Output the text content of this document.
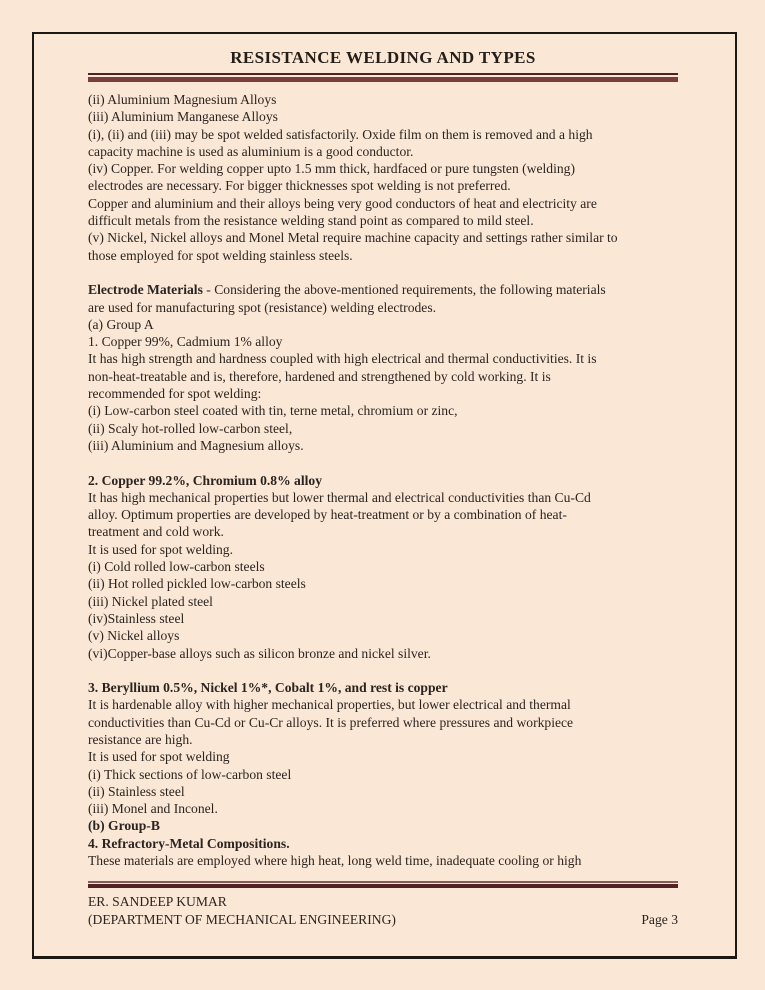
RESISTANCE WELDING AND TYPES
(ii) Aluminium Magnesium Alloys
(iii) Aluminium Manganese Alloys
(i), (ii) and (iii) may be spot welded satisfactorily. Oxide film on them is removed and a high
capacity machine is used as aluminium is a good conductor.
(iv) Copper. For welding copper upto 1.5 mm thick, hardfaced or pure tungsten (welding)
electrodes are necessary. For bigger thicknesses spot welding is not preferred.
Copper and aluminium and their alloys being very good conductors of heat and electricity are
difficult metals from the resistance welding stand point as compared to mild steel.
(v) Nickel, Nickel alloys and Monel Metal require machine capacity and settings rather similar to
those employed for spot welding stainless steels.
Electrode Materials - Considering the above-mentioned requirements, the following materials
are used for manufacturing spot (resistance) welding electrodes.
(a) Group A
1. Copper 99%, Cadmium 1% alloy
It has high strength and hardness coupled with high electrical and thermal conductivities. It is
non-heat-treatable and is, therefore, hardened and strengthened by cold working. It is
recommended for spot welding:
(i) Low-carbon steel coated with tin, terne metal, chromium or zinc,
(ii) Scaly hot-rolled low-carbon steel,
(iii) Aluminium and Magnesium alloys.
2. Copper 99.2%, Chromium 0.8% alloy
It has high mechanical properties but lower thermal and electrical conductivities than Cu-Cd
alloy. Optimum properties are developed by heat-treatment or by a combination of heat-
treatment and cold work.
It is used for spot welding.
(i) Cold rolled low-carbon steels
(ii) Hot rolled pickled low-carbon steels
(iii) Nickel plated steel
(iv)Stainless steel
(v) Nickel alloys
(vi)Copper-base alloys such as silicon bronze and nickel silver.
3. Beryllium 0.5%, Nickel 1%*, Cobalt 1%, and rest is copper
It is hardenable alloy with higher mechanical properties, but lower electrical and thermal
conductivities than Cu-Cd or Cu-Cr alloys. It is preferred where pressures and workpiece
resistance are high.
It is used for spot welding
(i) Thick sections of low-carbon steel
(ii) Stainless steel
(iii) Monel and Inconel.
(b) Group-B
4. Refractory-Metal Compositions.
These materials are employed where high heat, long weld time, inadequate cooling or high
ER. SANDEEP KUMAR
(DEPARTMENT OF MECHANICAL ENGINEERING)	Page 3
